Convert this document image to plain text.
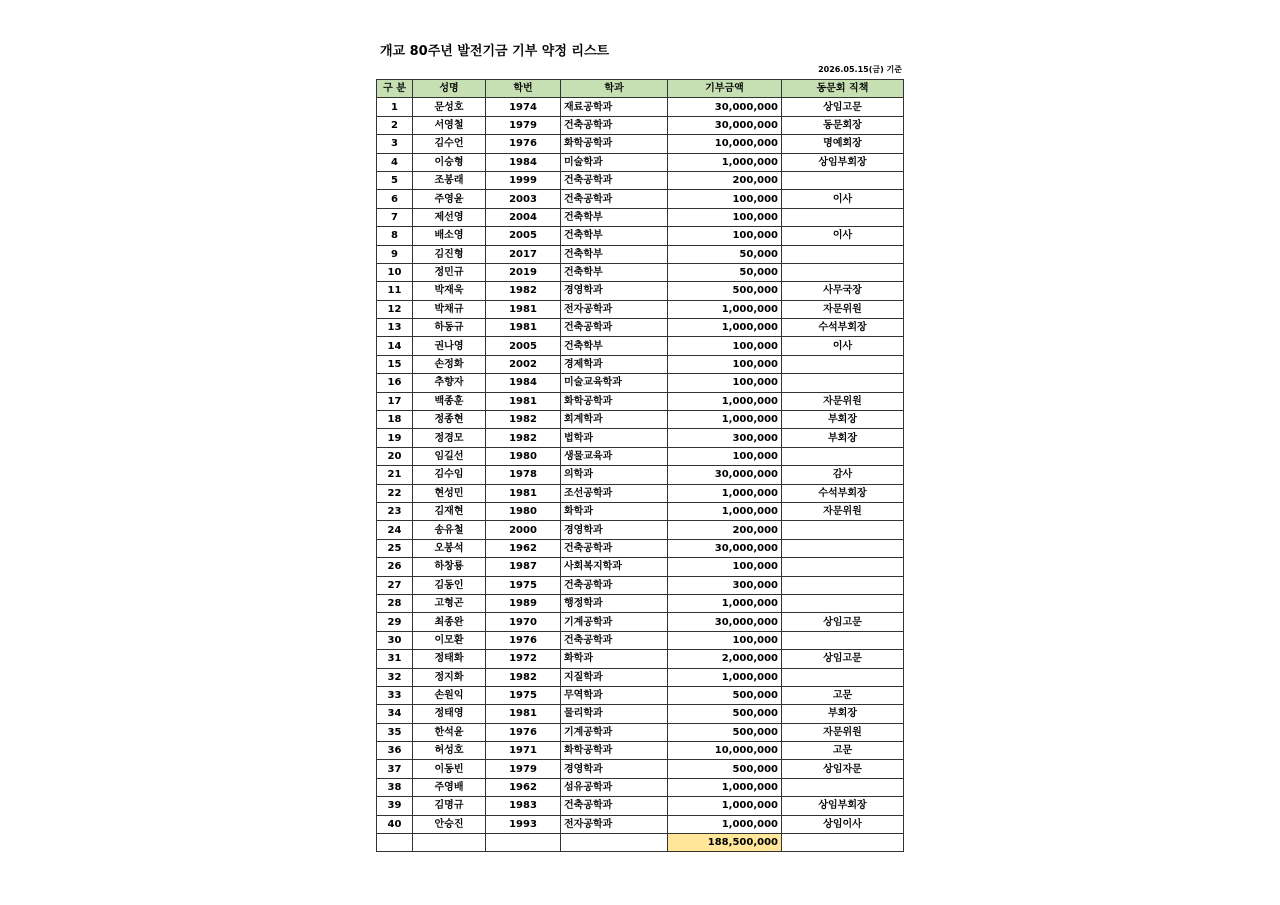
개교 80주년 발전기금 기부 약정 리스트
2026.05.15(금) 기준
구 분	성명	학번	학과	기부금액	동문회 직책
1	문성호	1974	재료공학과	30,000,000	상임고문
2	서영철	1979	건축공학과	30,000,000	동문회장
3	김수언	1976	화학공학과	10,000,000	명예회장
4	이승형	1984	미술학과	1,000,000	상임부회장
5	조봉래	1999	건축공학과	200,000	
6	주영윤	2003	건축공학과	100,000	이사
7	제선영	2004	건축학부	100,000	
8	배소영	2005	건축학부	100,000	이사
9	김진형	2017	건축학부	50,000	
10	정민규	2019	건축학부	50,000	
11	박재욱	1982	경영학과	500,000	사무국장
12	박채규	1981	전자공학과	1,000,000	자문위원
13	하동규	1981	건축공학과	1,000,000	수석부회장
14	권나영	2005	건축학부	100,000	이사
15	손정화	2002	경제학과	100,000	
16	추향자	1984	미술교육학과	100,000	
17	백종훈	1981	화학공학과	1,000,000	자문위원
18	정종현	1982	회계학과	1,000,000	부회장
19	정경모	1982	법학과	300,000	부회장
20	임길선	1980	생물교육과	100,000	
21	김수임	1978	의학과	30,000,000	감사
22	현성민	1981	조선공학과	1,000,000	수석부회장
23	김재현	1980	화학과	1,000,000	자문위원
24	송유철	2000	경영학과	200,000	
25	오봉석	1962	건축공학과	30,000,000	
26	하창룡	1987	사회복지학과	100,000	
27	김동인	1975	건축공학과	300,000	
28	고형곤	1989	행정학과	1,000,000	
29	최종완	1970	기계공학과	30,000,000	상임고문
30	이모환	1976	건축공학과	100,000	
31	정태화	1972	화학과	2,000,000	상임고문
32	정지화	1982	지질학과	1,000,000	
33	손원익	1975	무역학과	500,000	고문
34	정태영	1981	물리학과	500,000	부회장
35	한석윤	1976	기계공학과	500,000	자문위원
36	허성호	1971	화학공학과	10,000,000	고문
37	이동빈	1979	경영학과	500,000	상임자문
38	주영배	1962	섬유공학과	1,000,000	
39	김명규	1983	건축공학과	1,000,000	상임부회장
40	안승진	1993	전자공학과	1,000,000	상임이사
				188,500,000	
